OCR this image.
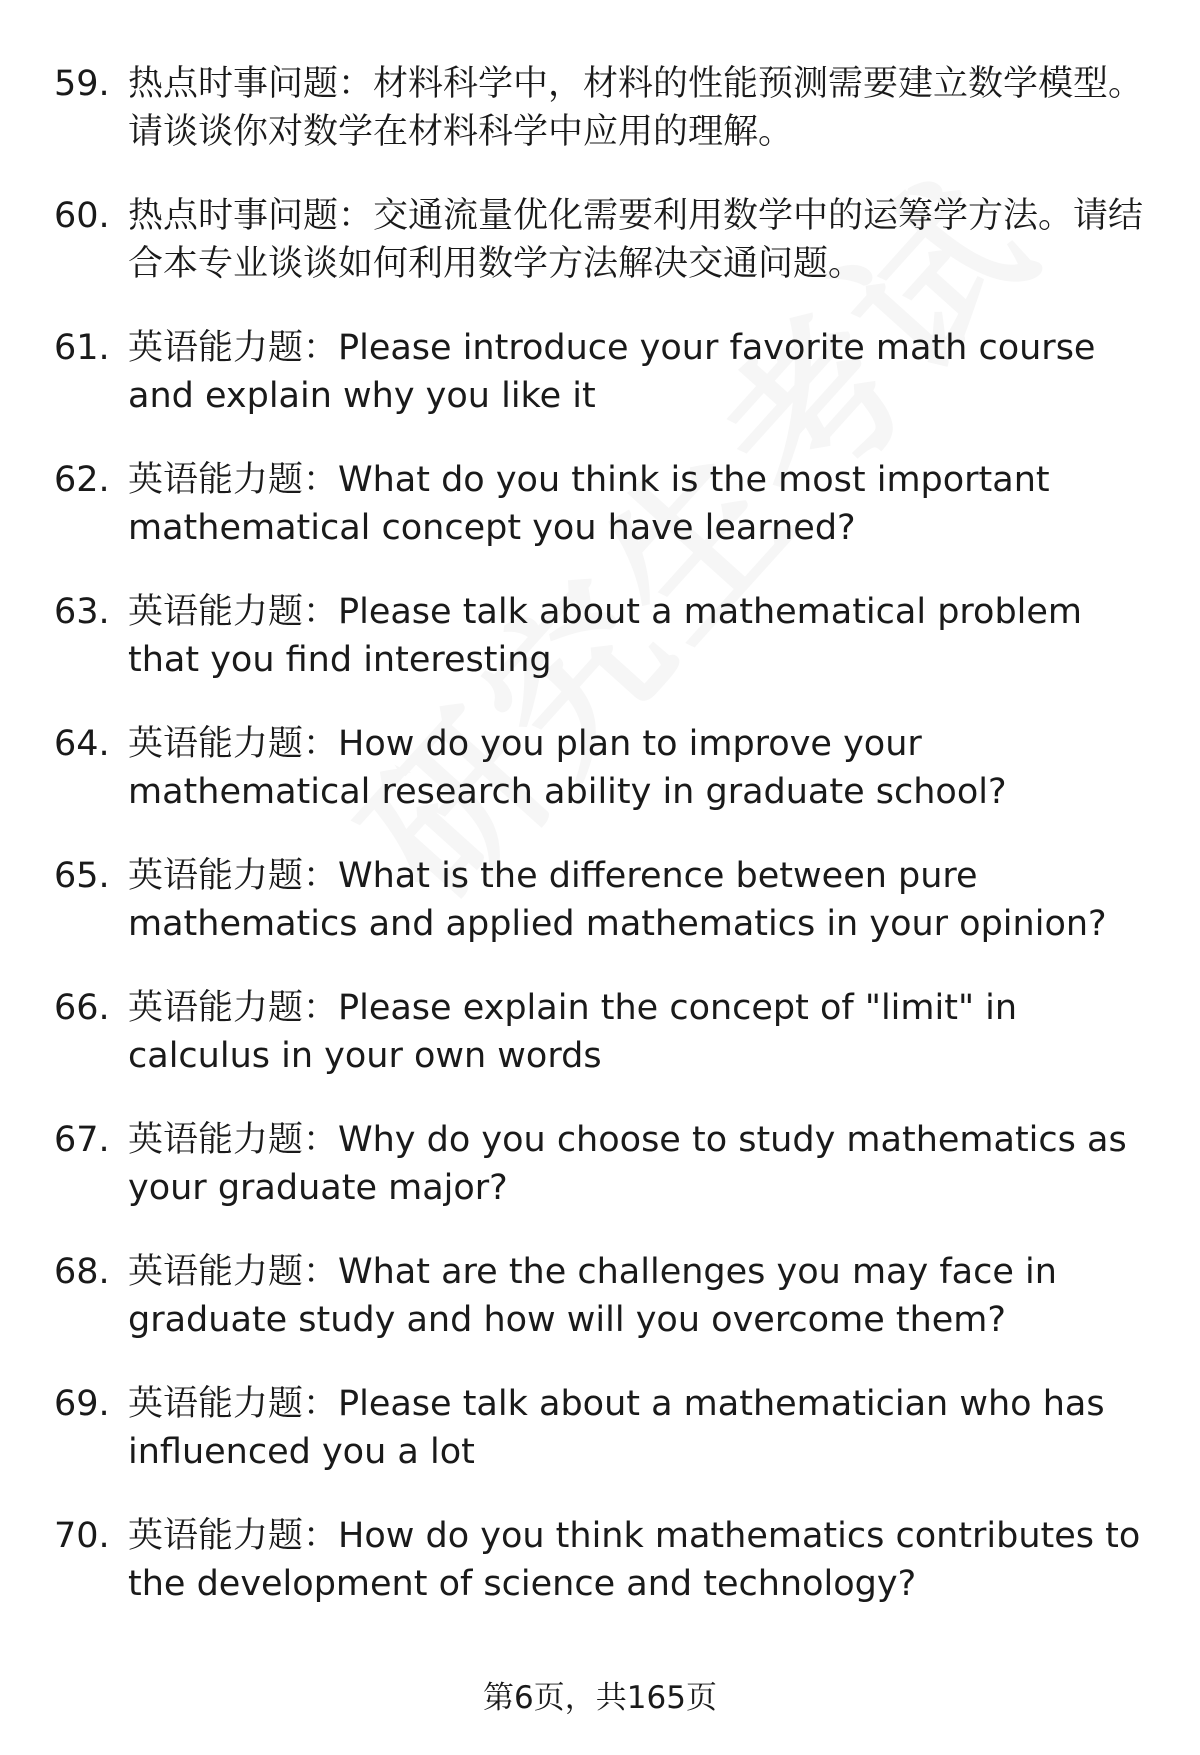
59. 热点时事问题：材料科学中，材料的性能预测需要建立数学模型。请谈谈你对数学在材料科学中应用的理解。
60. 热点时事问题：交通流量优化需要利用数学中的运筹学方法。请结合本专业谈谈如何利用数学方法解决交通问题。
61. 英语能力题：Please introduce your favorite math course and explain why you like it
62. 英语能力题：What do you think is the most important mathematical concept you have learned?
63. 英语能力题：Please talk about a mathematical problem that you find interesting
64. 英语能力题：How do you plan to improve your mathematical research ability in graduate school?
65. 英语能力题：What is the difference between pure mathematics and applied mathematics in your opinion?
66. 英语能力题：Please explain the concept of "limit" in calculus in your own words
67. 英语能力题：Why do you choose to study mathematics as your graduate major?
68. 英语能力题：What are the challenges you may face in graduate study and how will you overcome them?
69. 英语能力题：Please talk about a mathematician who has influenced you a lot
70. 英语能力题：How do you think mathematics contributes to the development of science and technology?
第6页，共165页
